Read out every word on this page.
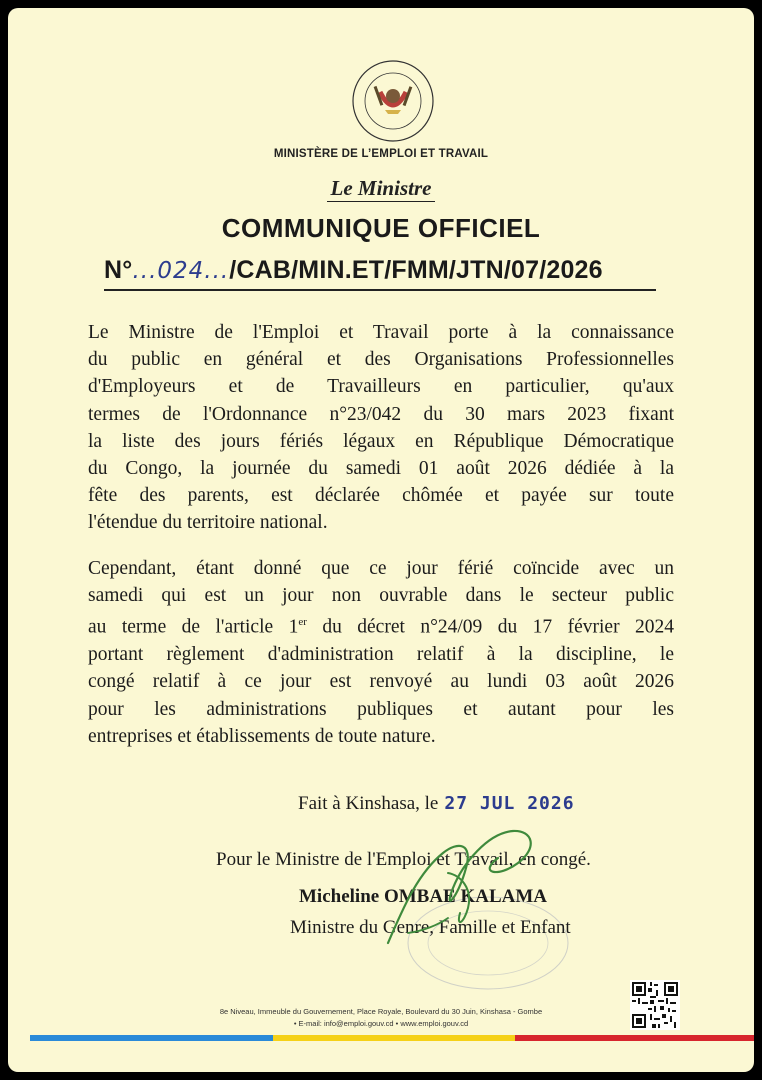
MINISTÈRE DE L’EMPLOI ET TRAVAIL
Le Ministre
COMMUNIQUE OFFICIEL
N°...024.../CAB/MIN.ET/FMM/JTN/07/2026
Le Ministre de l'Emploi et Travail porte à la connaissance
du public en général et des Organisations Professionnelles
d'Employeurs et de Travailleurs en particulier, qu'aux
termes de l'Ordonnance n°23/042 du 30 mars 2023 fixant
la liste des jours fériés légaux en République Démocratique
du Congo, la journée du samedi 01 août 2026 dédiée à la
fête des parents, est déclarée chômée et payée sur toute
l'étendue du territoire national.
Cependant, étant donné que ce jour férié coïncide avec un
samedi qui est un jour non ouvrable dans le secteur public
au terme de l'article 1er du décret n°24/09 du 17 février 2024
portant règlement d'administration relatif à la discipline, le
congé relatif à ce jour est renvoyé au lundi 03 août 2026
pour les administrations publiques et autant pour les
entreprises et établissements de toute nature.
Fait à Kinshasa, le 27 JUL 2026
Pour le Ministre de l'Emploi et Travail, en congé.
Micheline OMBAE KALAMA
Ministre du Genre, Famille et Enfant
8e Niveau, Immeuble du Gouvernement, Place Royale, Boulevard du 30 Juin, Kinshasa - Gombe
• E-mail: info@emploi.gouv.cd • www.emploi.gouv.cd
